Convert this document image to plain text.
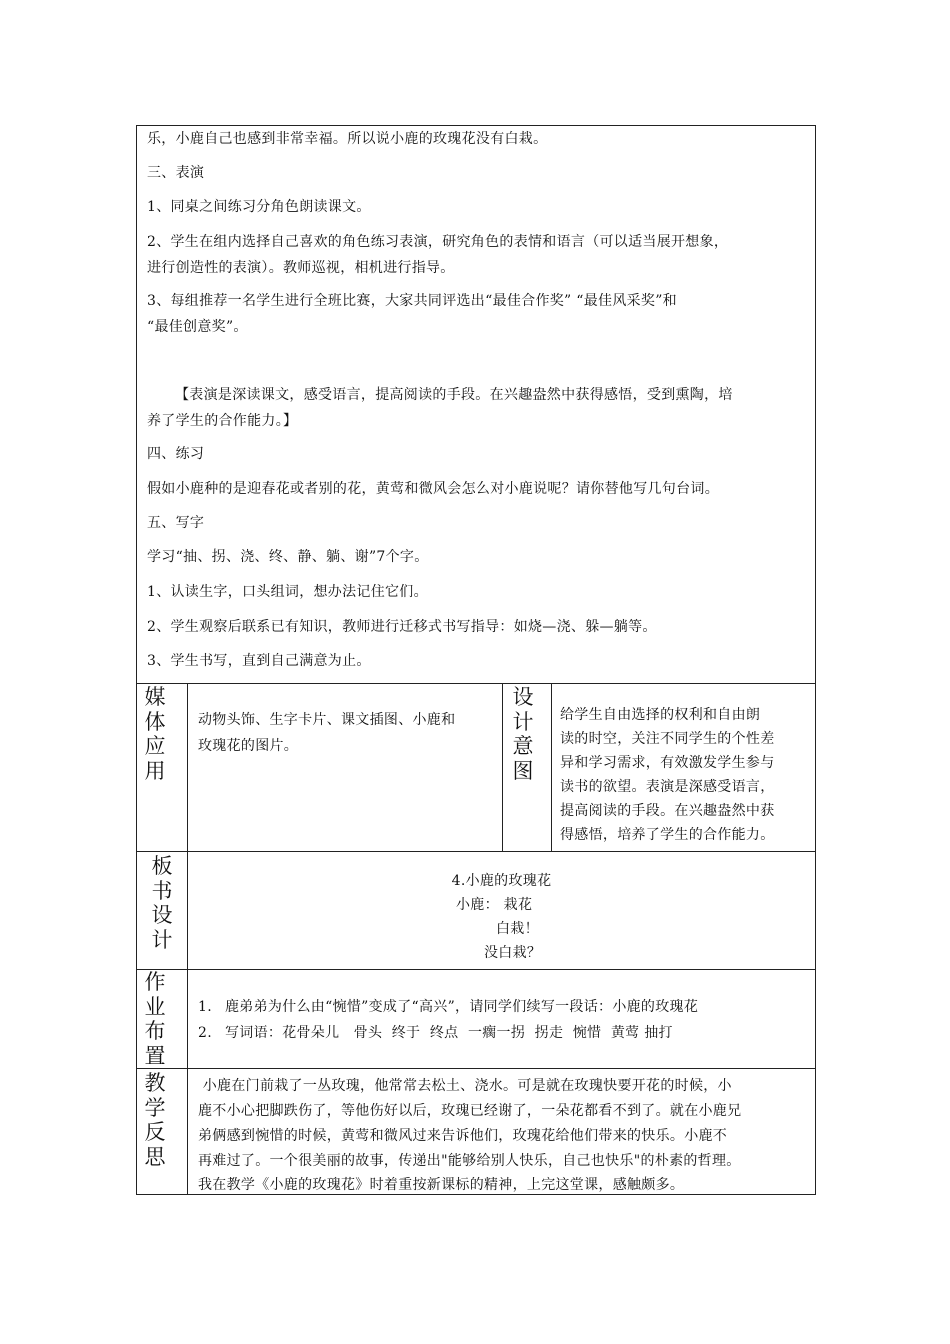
乐，小鹿自己也感到非常幸福。所以说小鹿的玫瑰花没有白栽。
三、表演
1、同桌之间练习分角色朗读课文。
2、学生在组内选择自己喜欢的角色练习表演，研究角色的表情和语言（可以适当展开想象，
进行创造性的表演）。教师巡视，相机进行指导。
3、每组推荐一名学生进行全班比赛，大家共同评选出“最佳合作奖” “最佳风采奖”和
“最佳创意奖”。
【表演是深读课文，感受语言，提高阅读的手段。在兴趣盎然中获得感悟，受到熏陶，培
养了学生的合作能力。】
四、练习
假如小鹿种的是迎春花或者别的花，黄莺和微风会怎么对小鹿说呢？请你替他写几句台词。
五、写字
学习“抽、拐、浇、终、静、躺、谢”7个字。
1、认读生字，口头组词，想办法记住它们。
2、学生观察后联系已有知识，教师进行迁移式书写指导：如烧—浇、躲—躺等。
3、学生书写，直到自己满意为止。
媒
体
应
用
动物头饰、生字卡片、课文插图、小鹿和
玫瑰花的图片。
设
计
意
图
给学生自由选择的权利和自由朗
读的时空，关注不同学生的个性差
异和学习需求，有效激发学生参与
读书的欲望。表演是深感受语言，
提高阅读的手段。在兴趣盎然中获
得感悟，培养了学生的合作能力。
板
书
设
计
4.小鹿的玫瑰花
小鹿： 栽花
白栽！
没白栽？
作
业
布
置
1. 鹿弟弟为什么由“惋惜”变成了“高兴”，请同学们续写一段话：小鹿的玫瑰花
2. 写词语：花骨朵儿   骨头  终于  终点  一瘸一拐  拐走  惋惜  黄莺 抽打
教
学
反
思
小鹿在门前栽了一丛玫瑰，他常常去松土、浇水。可是就在玫瑰快要开花的时候，小
鹿不小心把脚跌伤了，等他伤好以后，玫瑰已经谢了，一朵花都看不到了。就在小鹿兄
弟俩感到惋惜的时候，黄莺和微风过来告诉他们，玫瑰花给他们带来的快乐。小鹿不
再难过了。一个很美丽的故事，传递出"能够给别人快乐，自己也快乐"的朴素的哲理。
我在教学《小鹿的玫瑰花》时着重按新课标的精神，上完这堂课，感触颇多。
